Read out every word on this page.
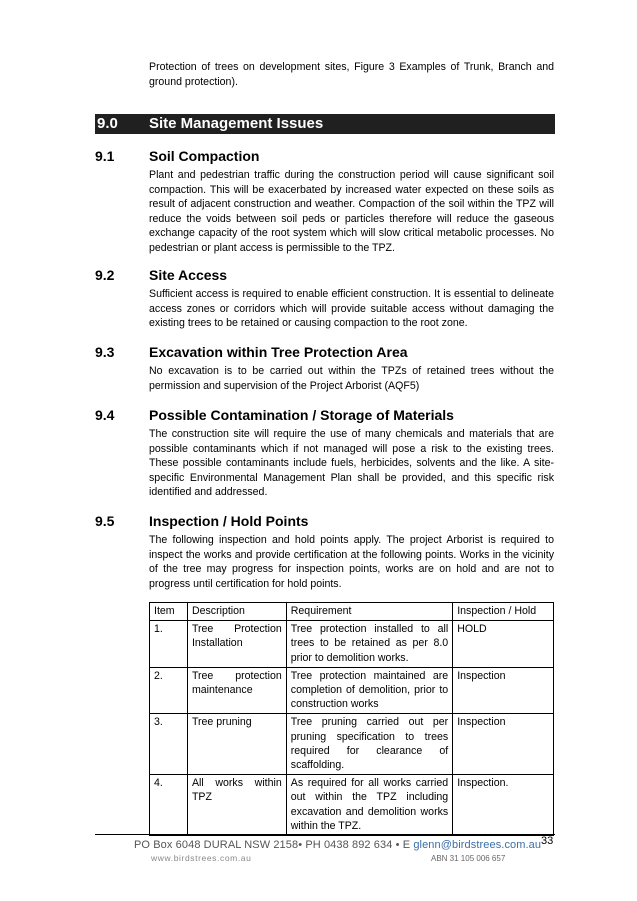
Protection of trees on development sites, Figure 3 Examples of Trunk, Branch and ground protection).

9.0 Site Management Issues
9.1 Soil Compaction

Plant and pedestrian traffic during the construction period will cause significant soil compaction. This will be exacerbated by increased water expected on these soils as result of adjacent construction and weather. Compaction of the soil within the TPZ will reduce the voids between soil peds or particles therefore will reduce the gaseous exchange capacity of the root system which will slow critical metabolic processes. No pedestrian or plant access is permissible to the TPZ.

9.2 Site Access

Sufficient access is required to enable efficient construction. It is essential to delineate access zones or corridors which will provide suitable access without damaging the existing trees to be retained or causing compaction to the root zone.

9.3 Excavation within Tree Protection Area

No excavation is to be carried out within the TPZs of retained trees without the permission and supervision of the Project Arborist (AQF5)

9.4 Possible Contamination / Storage of Materials

The construction site will require the use of many chemicals and materials that are possible contaminants which if not managed will pose a risk to the existing trees. These possible contaminants include fuels, herbicides, solvents and the like. A site-specific Environmental Management Plan shall be provided, and this specific risk identified and addressed.

9.5 Inspection / Hold Points

The following inspection and hold points apply. The project Arborist is required to inspect the works and provide certification at the following points. Works in the vicinity of the tree may progress for inspection points, works are on hold and are not to progress until certification for hold points.

Item	Description	Requirement	Inspection / Hold
1.	Tree Protection Installation	Tree protection installed to all trees to be retained as per 8.0 prior to demolition works.	HOLD
2.	Tree protection maintenance	Tree protection maintained are completion of demolition, prior to construction works	Inspection
3.	Tree pruning	Tree pruning carried out per pruning specification to trees required for clearance of scaffolding.	Inspection
4.	All works within TPZ	As required for all works carried out within the TPZ including excavation and demolition works within the TPZ.	Inspection.
PO Box 6048 DURAL NSW 2158• PH 0438 892 634 • E glenn@birdstrees.com.au
www.birdstrees.com.au	ABN 31 105 006 657
33
